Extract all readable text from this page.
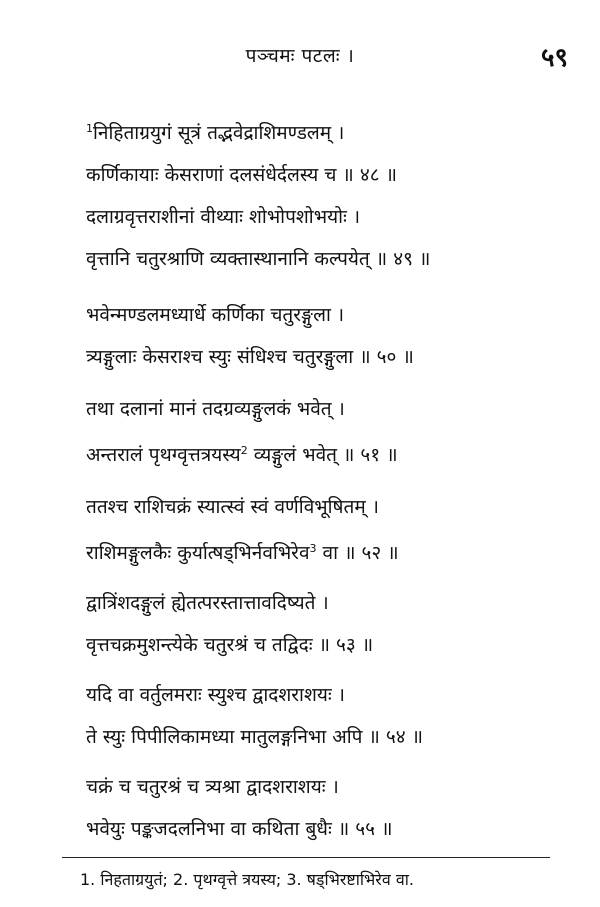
पञ्चमः पटलः ।	५९
$^1$निहिताग्रयुगं सूत्रं तद्भवेद्राशिमण्डलम् ।
कर्णिकायाः केसराणां दलसंधेर्दलस्य च ॥ ४८ ॥
दलाग्रवृत्तराशीनां वीथ्याः शोभोपशोभयोः ।
वृत्तानि चतुरश्राणि व्यक्तास्थानानि कल्पयेत् ॥ ४९ ॥
भवेन्मण्डलमध्यार्धे कर्णिका चतुरङ्गुला ।
त्र्यङ्गुलाः केसराश्च स्युः संधिश्च चतुरङ्गुला ॥ ५० ॥
तथा दलानां मानं तदग्रव्यङ्गुलकं भवेत् ।
अन्तरालं पृथग्वृत्तत्रयस्य$^2$ व्यङ्गुलं भवेत् ॥ ५१ ॥
ततश्च राशिचक्रं स्यात्स्वं स्वं वर्णविभूषितम् ।
राशिमङ्गुलकैः कुर्यात्षड्भिर्नवभिरेव$^3$ वा ॥ ५२ ॥
द्वात्रिंशदङ्गुलं ह्येतत्परस्तात्तावदिष्यते ।
वृत्तचक्रमुशन्त्येके चतुरश्रं च तद्विदः ॥ ५३ ॥
यदि वा वर्तुलमराः स्युश्च द्वादशराशयः ।
ते स्युः पिपीलिकामध्या मातुलङ्गनिभा अपि ॥ ५४ ॥
चक्रं च चतुरश्रं च त्र्यश्रा द्वादशराशयः ।
भवेयुः पङ्कजदलनिभा वा कथिता बुधैः ॥ ५५ ॥
1. निहताग्रयुतं; 2. पृथग्वृत्ते त्रयस्य; 3. षड्भिरष्टाभिरेव वा.
